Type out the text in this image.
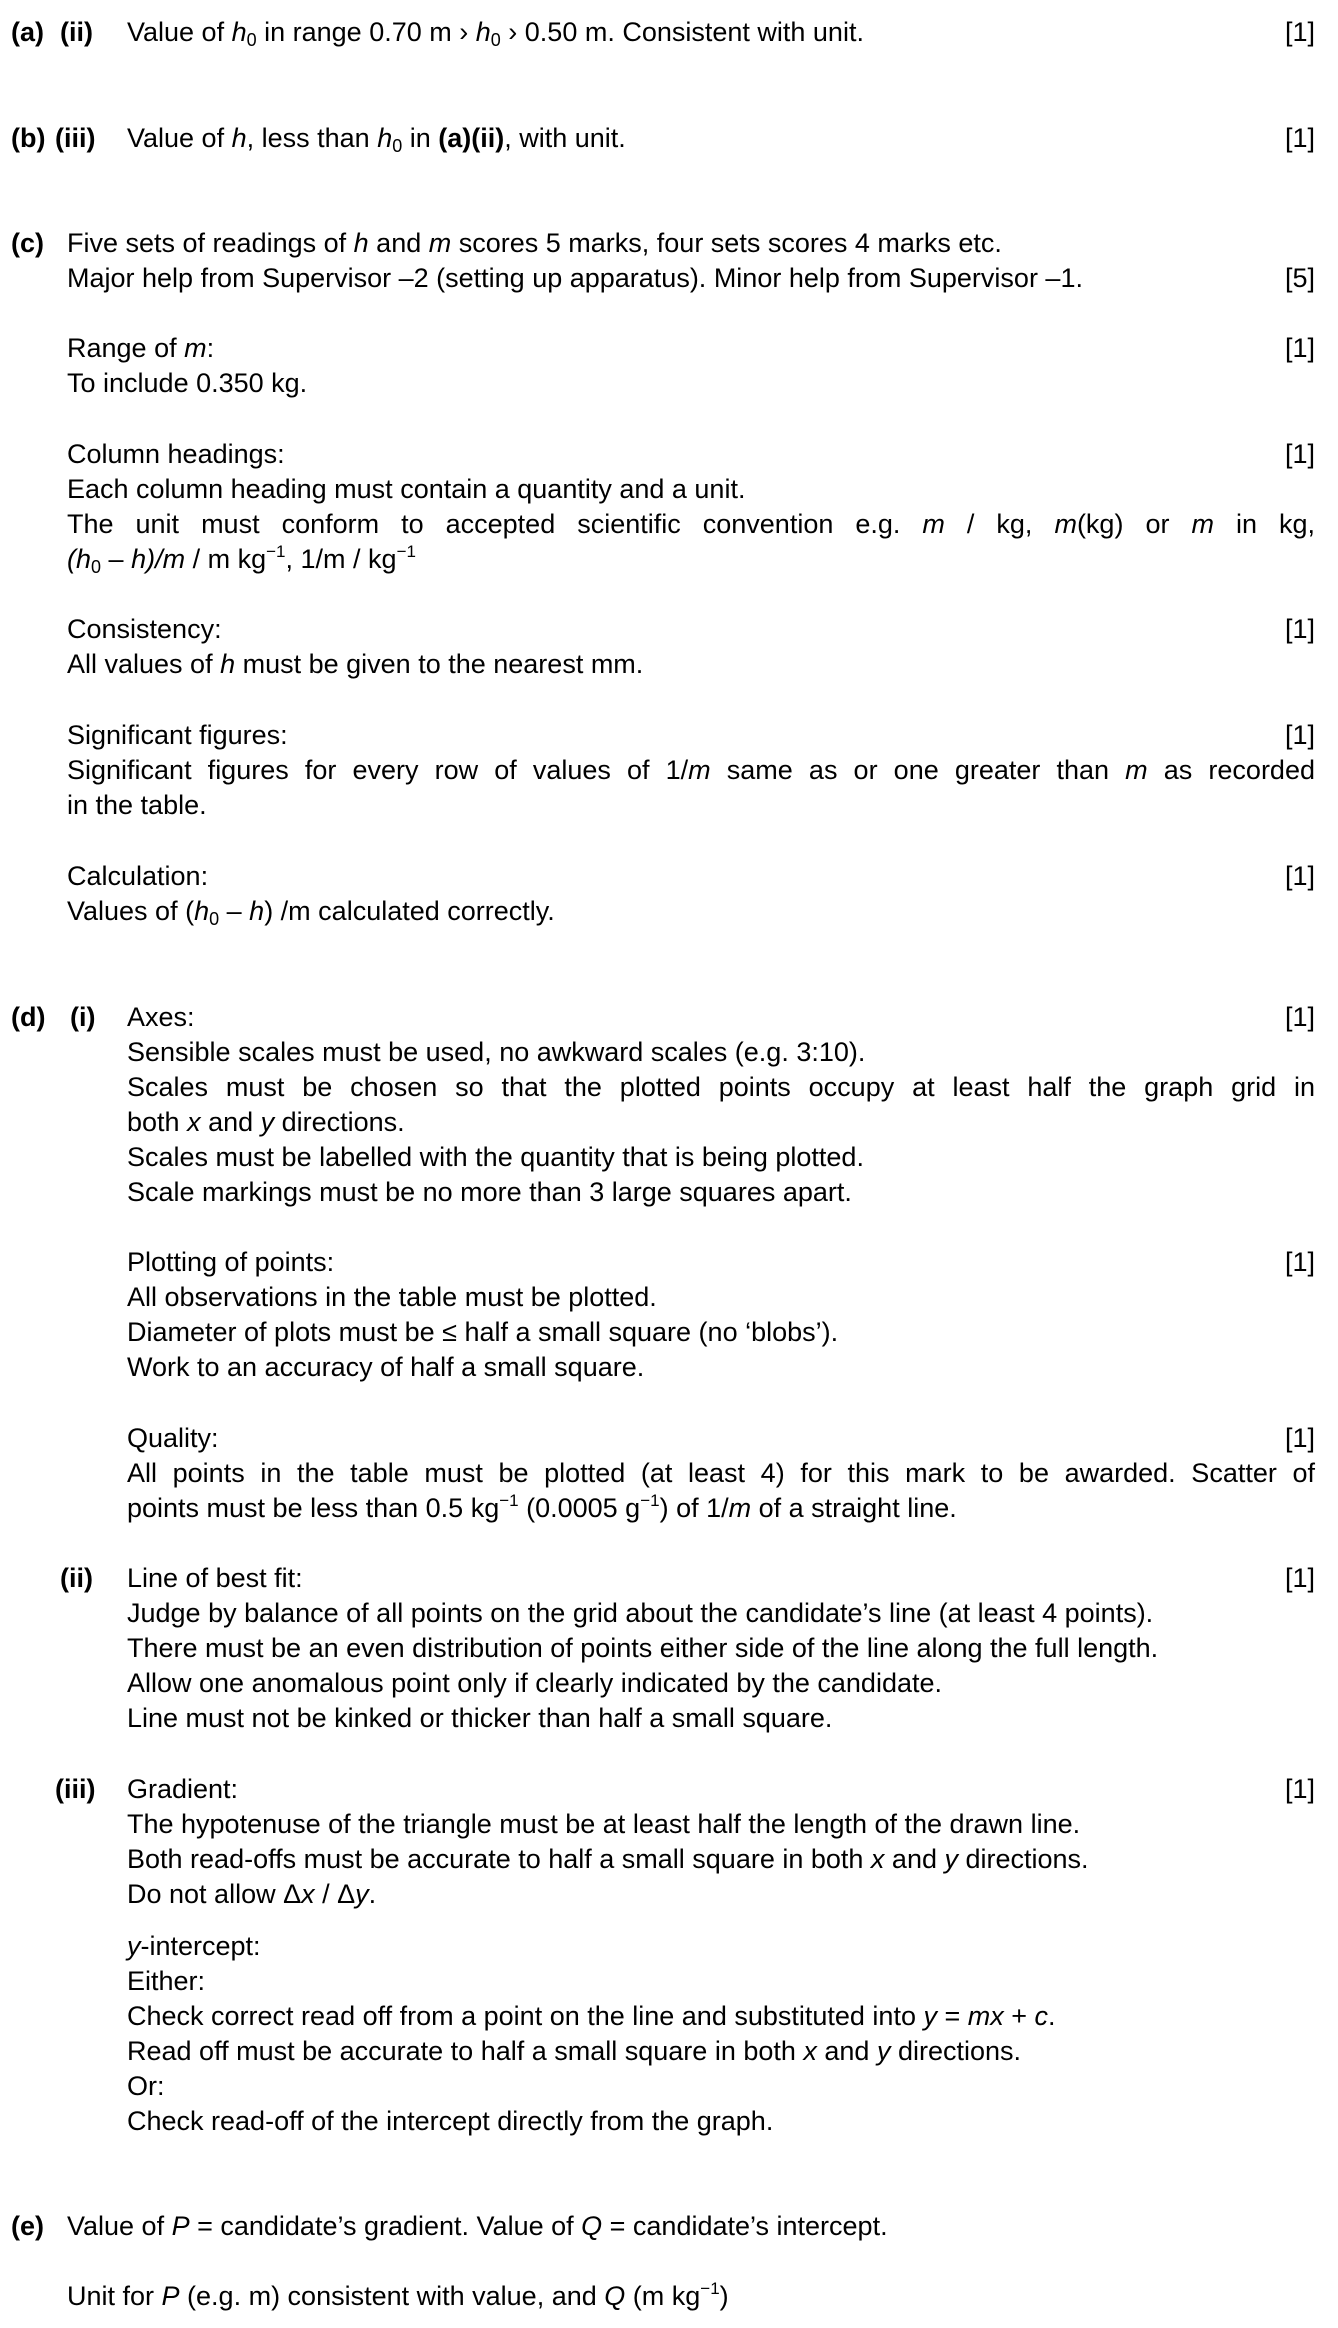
(a) (ii) Value of $h_0$ in range 0.70 m › $h_0$ › 0.50 m. Consistent with unit.	[1]
(b) (iii) Value of h, less than $h_0$ in (a)(ii), with unit.	[1]
(c) Five sets of readings of h and m scores 5 marks, four sets scores 4 marks etc.
Major help from Supervisor –2 (setting up apparatus). Minor help from Supervisor –1.	[5]
Range of m:	[1]
To include 0.350 kg.
Column headings:	[1]
Each column heading must contain a quantity and a unit.
The unit must conform to accepted scientific convention e.g. m / kg, m(kg) or m in kg,
$(h_0 - h)/m$ / m $kg^{-1}$, $1/m / kg^{-1}$
Consistency:	[1]
All values of h must be given to the nearest mm.
Significant figures:	[1]
Significant figures for every row of values of 1/m same as or one greater than m as recorded
in the table.
Calculation:	[1]
Values of $(h_0 - h)$ /m calculated correctly.
(d) (i) Axes:	[1]
Sensible scales must be used, no awkward scales (e.g. 3:10).
Scales must be chosen so that the plotted points occupy at least half the graph grid in
both x and y directions.
Scales must be labelled with the quantity that is being plotted.
Scale markings must be no more than 3 large squares apart.
Plotting of points:	[1]
All observations in the table must be plotted.
Diameter of plots must be ≤ half a small square (no ‘blobs’).
Work to an accuracy of half a small square.
Quality:	[1]
All points in the table must be plotted (at least 4) for this mark to be awarded. Scatter of
points must be less than 0.5 $kg^{-1}$ (0.0005 $g^{-1}$) of 1/m of a straight line.
(ii) Line of best fit:	[1]
Judge by balance of all points on the grid about the candidate’s line (at least 4 points).
There must be an even distribution of points either side of the line along the full length.
Allow one anomalous point only if clearly indicated by the candidate.
Line must not be kinked or thicker than half a small square.
(iii) Gradient:	[1]
The hypotenuse of the triangle must be at least half the length of the drawn line.
Both read-offs must be accurate to half a small square in both x and y directions.
Do not allow Δx / Δy.
y-intercept:
Either:
Check correct read off from a point on the line and substituted into y = mx + c.
Read off must be accurate to half a small square in both x and y directions.
Or:
Check read-off of the intercept directly from the graph.
(e) Value of P = candidate’s gradient. Value of Q = candidate’s intercept.
Unit for P (e.g. m) consistent with value, and Q (m $kg^{-1}$)
